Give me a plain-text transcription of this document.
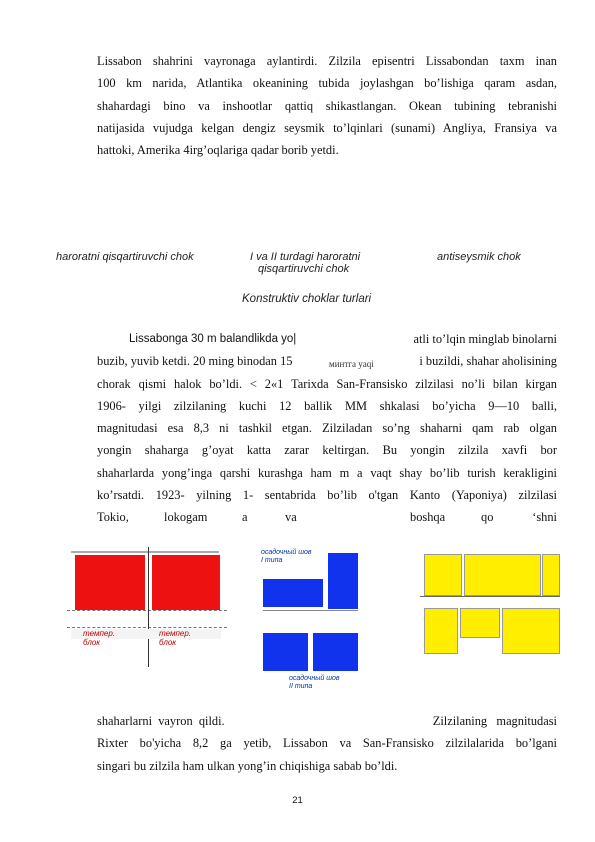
Lissabon shahrini vayronaga aylantirdi. Zilzila episentri Lissabondan taxm inan
100 km narida, Atlantika okeanining tubida joylashgan bo’lishiga qaram asdan,
shahardagi bino va inshootlar qattiq shikastlangan. Okean tubining tebranishi
natijasida vujudga kelgan dengiz seysmik to’lqinlari (sunami) Angliya, Fransiya va
hattoki, Amerika 4irg’oqlariga qadar borib yetdi.
haroratni qisqartiruvchi chok	I va II turdagi haroratni
qisqartiruvchi chok
antiseysmik chok
Konstruktiv choklar turlari
Lissabonga 30 m balandlikda yo|	atli to’lqin minglab binolarni
buzib, yuvib ketdi. 20 ming binodan 15	минтга yaqi	i buzildi, shahar aholisining
chorak qismi halok bo’ldi. < 2«1 Tarixda San-Fransisko zilzilasi no’li bilan kirgan
1906- yilgi zilzilaning kuchi 12 ballik MM shkalasi bo’yicha 9—10 balli,
magnitudasi esa 8,3 ni tashkil etgan. Zilziladan so’ng shaharni qam rab olgan
yongin shaharga g’oyat katta zarar keltirgan. Bu yongin zilzila xavfi bor
shaharlarda yong’inga qarshi kurashga ham m a vaqt shay bo’lib turish kerakligini
ko’rsatdi. 1923- yilning 1- sentabrida bo’lib o'tgan Kanto (Yaponiya) zilzilasi
Tokio,	lokogam	a	va	boshqa	qo	‘shni
темпер.
блок
темпер.
блок
осадочный шов
I типа
осадочный шов
II типа
shaharlarni  vayron  qildi.	Zilzilaning   magnitudasi
Rixter bo'yicha 8,2 ga yetib, Lissabon va San-Fransisko zilzilalarida bo’lgani
singari bu zilzila ham ulkan yong’in chiqishiga sabab bo’ldi.
21
